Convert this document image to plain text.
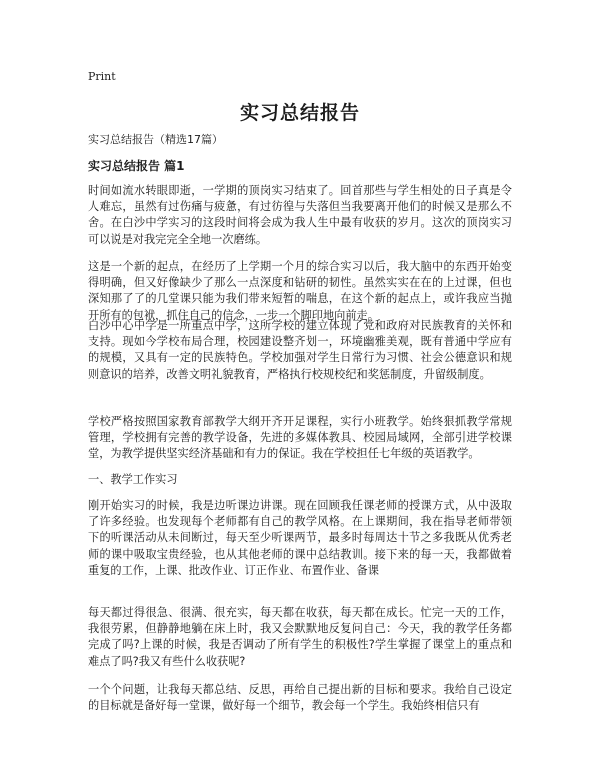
Print
实习总结报告

实习总结报告（精选17篇）

实习总结报告 篇1

时间如流水转眼即逝，一学期的顶岗实习结束了。回首那些与学生相处的日子真是令人难忘，虽然有过伤痛与疲惫，有过彷徨与失落但当我要离开他们的时候又是那么不舍。在白沙中学实习的这段时间将会成为我人生中最有收获的岁月。这次的顶岗实习可以说是对我完完全全地一次磨练。

这是一个新的起点，在经历了上学期一个月的综合实习以后，我大脑中的东西开始变得明确，但又好像缺少了那么一点深度和钻研的韧性。虽然实实在在的上过课，但也深知那了了的几堂课只能为我们带来短暂的喘息，在这个新的起点上，或许我应当抛开所有的包袱，抓住自己的信念，一步一个脚印地向前走。

白沙中心中学是一所重点中学，这所学校的建立体现了党和政府对民族教育的关怀和支持。现如今学校布局合理，校园建设整齐划一，环境幽雅美观，既有普通中学应有的规模，又具有一定的民族特色。学校加强对学生日常行为习惯、社会公德意识和规则意识的培养，改善文明礼貌教育，严格执行校规校纪和奖惩制度，升留级制度。

学校严格按照国家教育部教学大纲开齐开足课程，实行小班教学。始终狠抓教学常规管理，学校拥有完善的教学设备，先进的多媒体教具、校园局域网，全部引进学校课堂，为教学提供坚实经济基础和有力的保证。我在学校担任七年级的英语教学。

一、教学工作实习

刚开始实习的时候，我是边听课边讲课。现在回顾我任课老师的授课方式，从中汲取了许多经验。也发现每个老师都有自己的教学风格。在上课期间，我在指导老师带领下的听课活动从未间断过，每天至少听课两节，最多时每周达十节之多我既从优秀老师的课中吸取宝贵经验，也从其他老师的课中总结教训。接下来的每一天，我都做着重复的工作，上课、批改作业、订正作业、布置作业、备课

每天都过得很急、很满、很充实，每天都在收获，每天都在成长。忙完一天的工作，我很劳累，但静静地躺在床上时，我又会默默地反复问自己：今天，我的教学任务都完成了吗?上课的时候，我是否调动了所有学生的积极性?学生掌握了课堂上的重点和难点了吗?我又有些什么收获呢?

一个个问题，让我每天都总结、反思，再给自己提出新的目标和要求。我给自己设定的目标就是备好每一堂课，做好每一个细节，教会每一个学生。我始终相信只有
